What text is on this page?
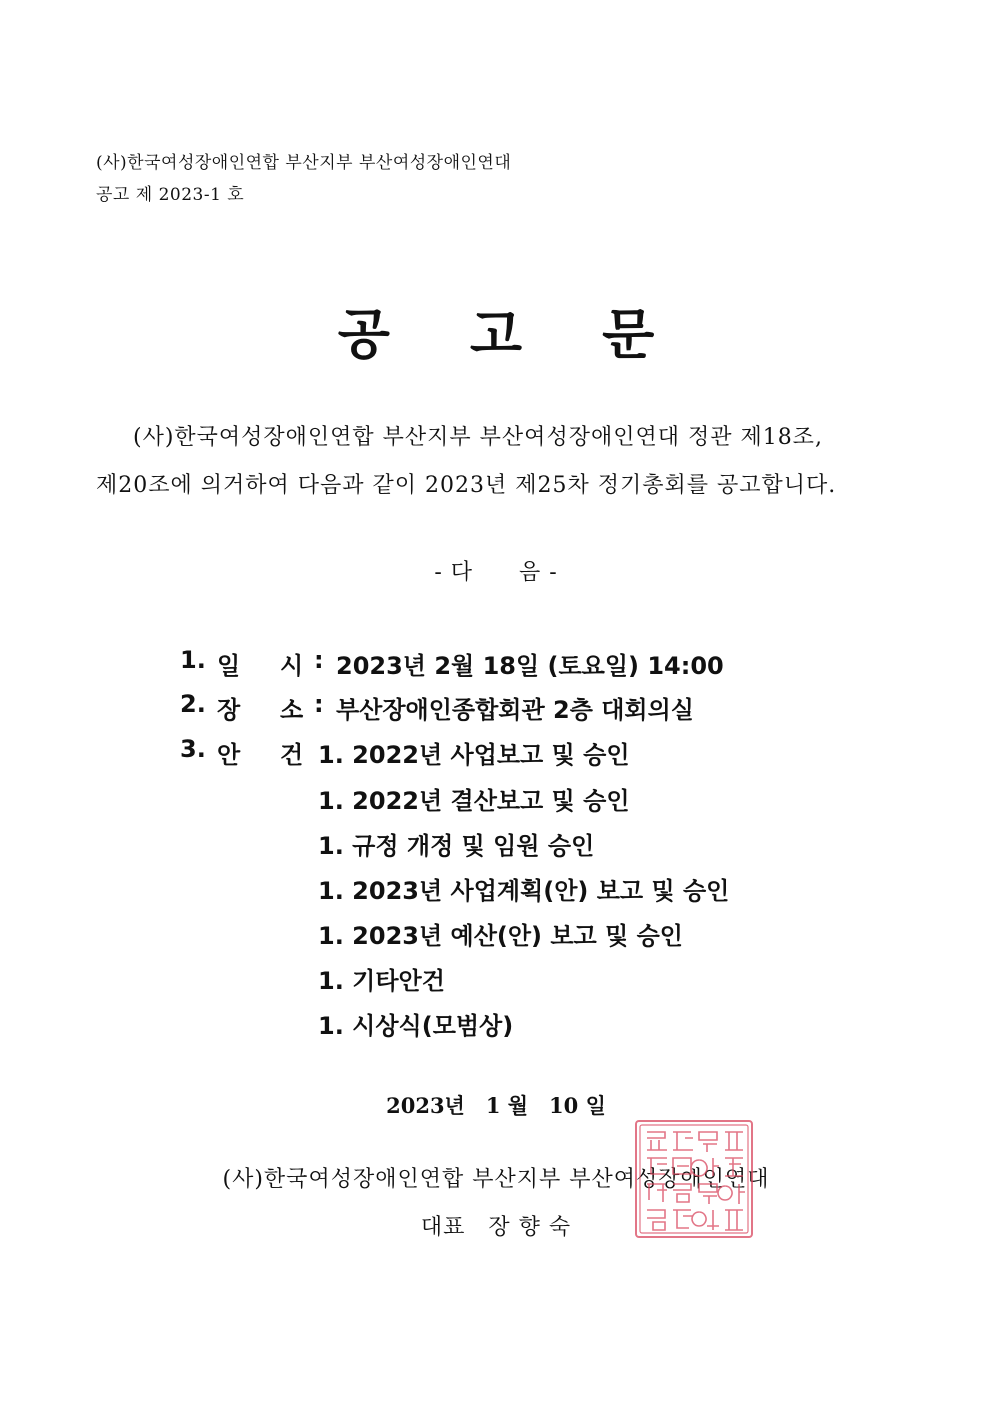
(사)한국여성장애인연합 부산지부 부산여성장애인연대
공고 제 2023-1 호
공 고 문
(사)한국여성장애인연합 부산지부 부산여성장애인연대 정관 제18조,
제20조에 의거하여 다음과 같이 2023년 제25차 정기총회를 공고합니다.
- 다　　음 -
1. 일 시 : 2023년 2월 18일 (토요일) 14:00
2. 장 소 : 부산장애인종합회관 2층 대회의실
3. 안 건 1. 2022년 사업보고 및 승인
1. 2022년 결산보고 및 승인
1. 규정 개정 및 임원 승인
1. 2023년 사업계획(안) 보고 및 승인
1. 2023년 예산(안) 보고 및 승인
1. 기타안건
1. 시상식(모범상)
2023년　1 월　10 일
(사)한국여성장애인연합 부산지부 부산여성장애인연대
대표　장 향 숙
